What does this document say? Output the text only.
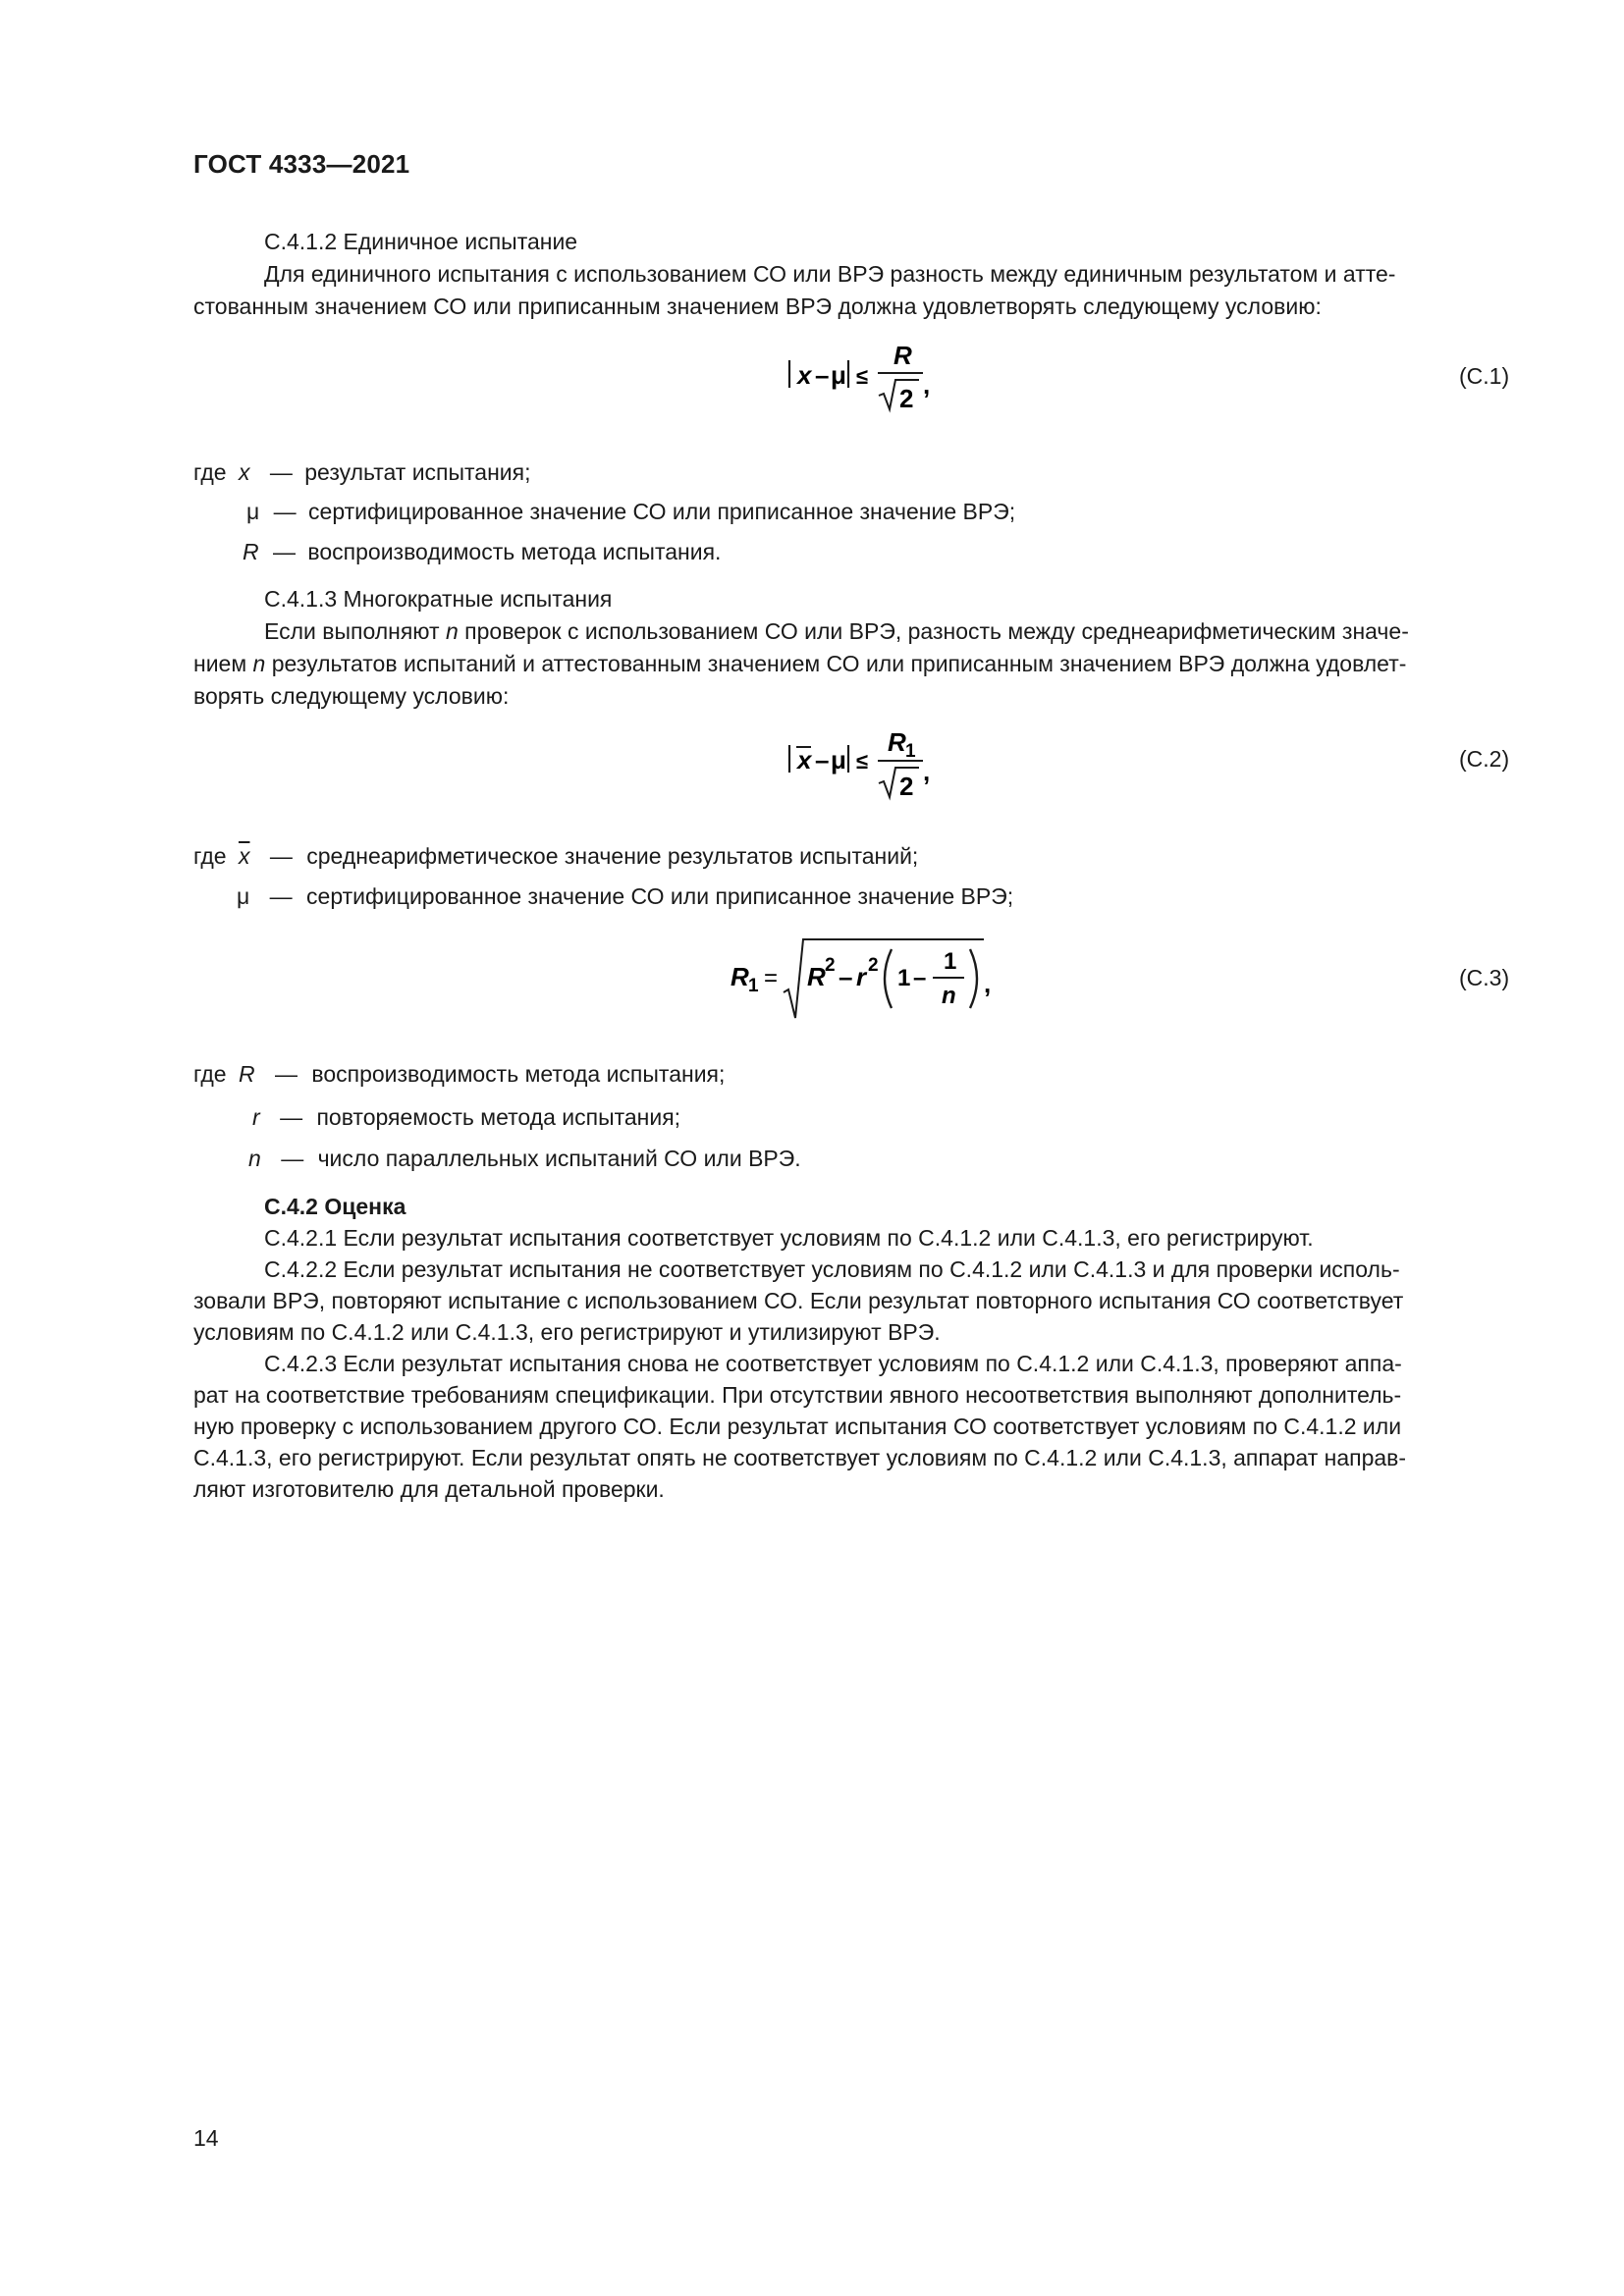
ГОСТ 4333—2021
С.4.1.2 Единичное испытание
Для единичного испытания с использованием СО или ВРЭ разность между единичным результатом и атте-
стованным значением СО или приписанным значением ВРЭ должна удовлетворять следующему условию:
x – μ ≤
R
2 ,	(С.1)
где x — результат испытания;
μ — сертифицированное значение СО или приписанное значение ВРЭ;
R — воспроизводимость метода испытания.
С.4.1.3 Многократные испытания
Если выполняют n проверок с использованием СО или ВРЭ, разность между среднеарифметическим значе-
нием n результатов испытаний и аттестованным значением СО или приписанным значением ВРЭ должна удовлет-
ворять следующему условию:
x – μ ≤
R 1
2 ,	(С.2)
где $\overline{x}$ — среднеарифметическое значение результатов испытаний;
μ — сертифицированное значение СО или приписанное значение ВРЭ;
R 1 = R 2 – r 2 1 –
1
n ,	(С.3)
где R — воспроизводимость метода испытания;
r — повторяемость метода испытания;
n — число параллельных испытаний СО или ВРЭ.
С.4.2 Оценка
С.4.2.1 Если результат испытания соответствует условиям по С.4.1.2 или С.4.1.3, его регистрируют.
С.4.2.2 Если результат испытания не соответствует условиям по С.4.1.2 или С.4.1.3 и для проверки исполь-
зовали ВРЭ, повторяют испытание с использованием СО. Если результат повторного испытания СО соответствует
условиям по С.4.1.2 или С.4.1.3, его регистрируют и утилизируют ВРЭ.
С.4.2.3 Если результат испытания снова не соответствует условиям по С.4.1.2 или С.4.1.3, проверяют аппа-
рат на соответствие требованиям спецификации. При отсутствии явного несоответствия выполняют дополнитель-
ную проверку с использованием другого СО. Если результат испытания СО соответствует условиям по С.4.1.2 или
С.4.1.3, его регистрируют. Если результат опять не соответствует условиям по С.4.1.2 или С.4.1.3, аппарат направ-
ляют изготовителю для детальной проверки.
14
